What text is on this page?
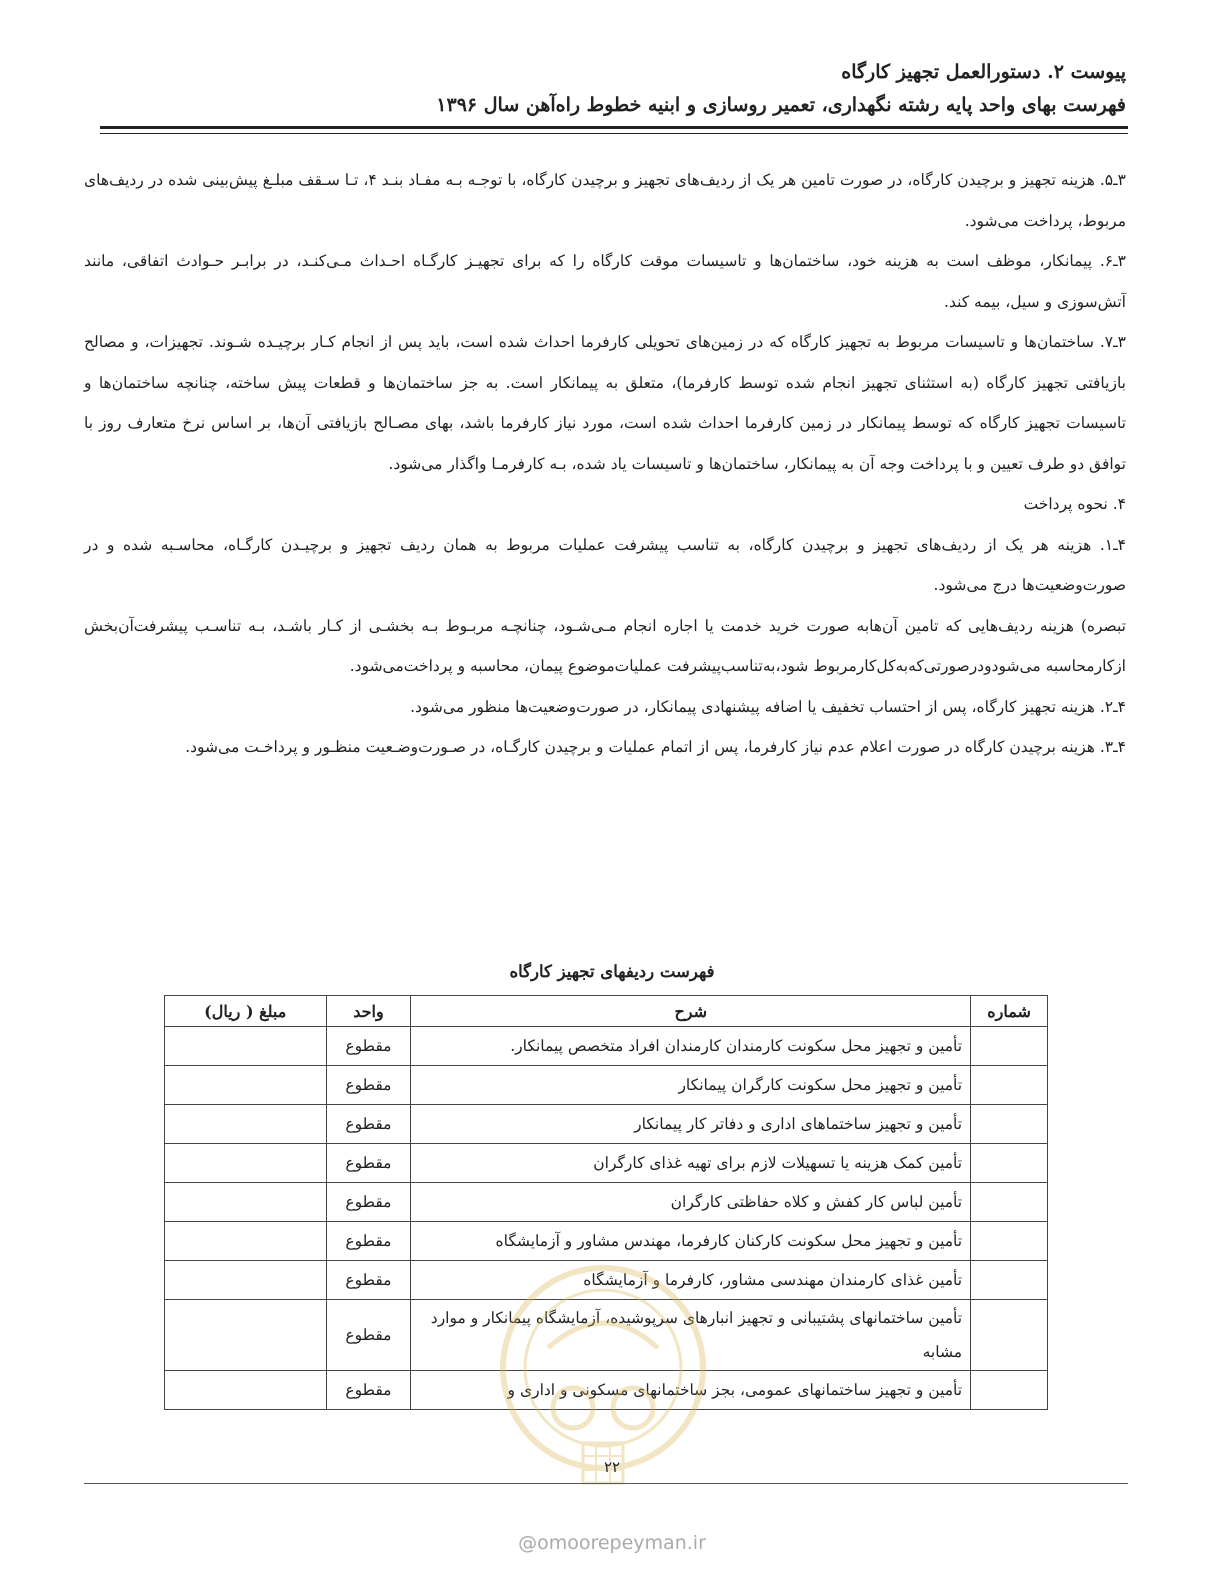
پیوست ۲. دستورالعمل تجهیز کارگاه
فهرست بهای واحد پایه رشته نگهداری، تعمیر روسازی و ابنیه خطوط راه‌آهن سال ۱۳۹۶

۳ـ۵. هزینه تجهیز و برچیدن کارگاه، در صورت تامین هر یک از ردیف‌های تجهیز و برچیدن کارگاه، با توجـه بـه مفـاد بنـد ۴، تـا سـقف مبلـغ پیش‌بینی شده در ردیف‌های مربوط، پرداخت می‌شود.

۳ـ۶. پیمانکار، موظف است به هزینه خود، ساختمان‌ها و تاسیسات موقت کارگاه را که برای تجهیـز کارگـاه احـداث مـی‌کنـد، در برابـر حـوادث اتفاقی، مانند آتش‌سوزی و سیل، بیمه کند.

۳ـ۷. ساختمان‌ها و تاسیسات مربوط به تجهیز کارگاه که در زمین‌های تحویلی کارفرما احداث شده است، باید پس از انجام کـار برچیـده شـوند. تجهیزات، و مصالح بازیافتی تجهیز کارگاه (به استثنای تجهیز انجام شده توسط کارفرما)، متعلق به پیمانکار است. به جز ساختمان‌ها و قطعات پیش ساخته، چنانچه ساختمان‌ها و تاسیسات تجهیز کارگاه که توسط پیمانکار در زمین کارفرما احداث شده است، مورد نیاز کارفرما باشد، بهای مصـالح بازیافتی آن‌ها، بر اساس نرخ متعارف روز با توافق دو طرف تعیین و با پرداخت وجه آن به پیمانکار، ساختمان‌ها و تاسیسات یاد شده، بـه کارفرمـا واگذار می‌شود.

۴. نحوه پرداخت

۴ـ۱. هزینه هر یک از ردیف‌های تجهیز و برچیدن کارگاه، به تناسب پیشرفت عملیات مربوط به همان ردیف تجهیز و برچیـدن کارگـاه، محاسـبه شده و در صورت‌وضعیت‌ها درج می‌شود.

تبصره) هزینه ردیف‌هایی که تامین آن‌هابه صورت خرید خدمت یا اجاره انجام مـی‌شـود، چنانچـه مربـوط بـه بخشـی از کـار باشـد، بـه تناسـب پیشرفت‌آن‌بخش ازکارمحاسبه می‌شودودرصورتی‌که‌به‌کل‌کارمربوط شود،به‌تناسب‌پیشرفت عملیات‌موضوع پیمان، محاسبه و پرداخت‌می‌شود.

۴ـ۲. هزینه تجهیز کارگاه، پس از احتساب تخفیف یا اضافه پیشنهادی پیمانکار، در صورت‌وضعیت‌ها منظور می‌شود.

۴ـ۳. هزینه برچیدن کارگاه در صورت اعلام عدم نیاز کارفرما، پس از اتمام عملیات و برچیدن کارگـاه، در صـورت‌وضـعیت منظـور و پرداخـت می‌شود.

فهرست ردیفهای تجهیز کارگاه
شماره	شرح	واحد	مبلغ ( ریال)
	تأمین و تجهیز محل سکونت کارمندان کارمندان افراد متخصص پیمانکار.	مقطوع	
	تأمین و تجهیز محل سکونت کارگران پیمانکار	مقطوع	
	تأمین و تجهیز ساختماهای اداری و دفاتر کار پیمانکار	مقطوع	
	تأمین کمک هزینه یا تسهیلات لازم برای تهیه غذای کارگران	مقطوع	
	تأمین لباس کار کفش و کلاه حفاظتی کارگران	مقطوع	
	تأمین و تجهیز محل سکونت کارکنان کارفرما، مهندس مشاور و آزمایشگاه	مقطوع	
	تأمین غذای کارمندان مهندسی مشاور، کارفرما و آزمایشگاه	مقطوع	
	تأمین ساختمانهای پشتیبانی و تجهیز انبارهای سرپوشیده، آزمایشگاه پیمانکار و موارد مشابه	مقطوع	
	تأمین و تجهیز ساختمانهای عمومی، بجز ساختمانهای مسکونی و اداری و	مقطوع	
۲۲
@omoorepeyman.ir
